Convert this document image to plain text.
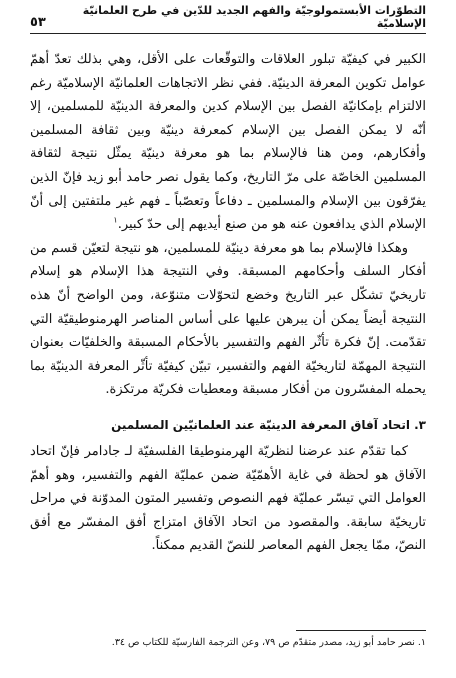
التطوّرات الأبستمولوجيّة والفهم الجديد للدّين في طرح العلمانيّة الإسلاميّة
٥٣

الكبير في كيفيّة تبلور العلاقات والتوقّعات على الأقل، وهي بذلك تعدّ أهمّ عوامل تكوين المعرفة الدينيّة. ففي نظر الاتجاهات العلمانيّة الإسلاميّة رغم الالتزام بإمكانيّة الفصل بين الإسلام كدين والمعرفة الدينيّة للمسلمين، إلا أنّه لا يمكن الفصل بين الإسلام كمعرفة دينيّة وبين ثقافة المسلمين وأفكارهم، ومن هنا فالإسلام بما هو معرفة دينيّة يمثّل نتيجة لثقافة المسلمين الخاصّة على مرّ التاريخ، وكما يقول نصر حامد أبو زيد فإنّ الذين يفرّقون بين الإسلام والمسلمين ـ دفاعاً وتعصّباً ـ فهم غير ملتفتين إلى أنّ الإسلام الذي يدافعون عنه هو من صنع أيديهم إلى حدّ كبير.$^١$

وهكذا فالإسلام بما هو معرفة دينيّة للمسلمين، هو نتيجة لتعيّن قسم من أفكار السلف وأحكامهم المسبقة. وفي النتيجة هذا الإسلام هو إسلام تاريخيّ تشكّل عبر التاريخ وخضع لتحوّلات متنوّعة، ومن الواضح أنّ هذه النتيجة أيضاً يمكن أن يبرهن عليها على أساس المناصر الهرمنوطيقيّة التي تقدّمت. إنّ فكرة تأثّر الفهم والتفسير بالأحكام المسبقة والخلفيّات بعنوان النتيجة المهمّة لتاريخيّة الفهم والتفسير، تبيّن كيفيّة تأثّر المعرفة الدينيّة بما يحمله المفسّرون من أفكار مسبقة ومعطيات فكريّة مرتكزة.

٣. اتحاد آفاق المعرفة الدينيّة عند العلمانيّين المسلمين

كما تقدّم عند عرضنا لنظريّة الهرمنوطيقا الفلسفيّة لـ جادامر فإنّ اتحاد الآفاق هو لحظة في غاية الأهمّيّة ضمن عمليّة الفهم والتفسير، وهو أهمّ العوامل التي تيسّر عمليّة فهم النصوص وتفسير المتون المدوّنة في مراحل تاريخيّة سابقة. والمقصود من اتحاد الآفاق امتزاج أفق المفسّر مع أفق النصّ، ممّا يجعل الفهم المعاصر للنصّ القديم ممكناً.

١. نصر حامد أبو زيد، مصدر متقدّم ص ٧٩، وعن الترجمة الفارسيّة للكتاب ص ٣٤.
